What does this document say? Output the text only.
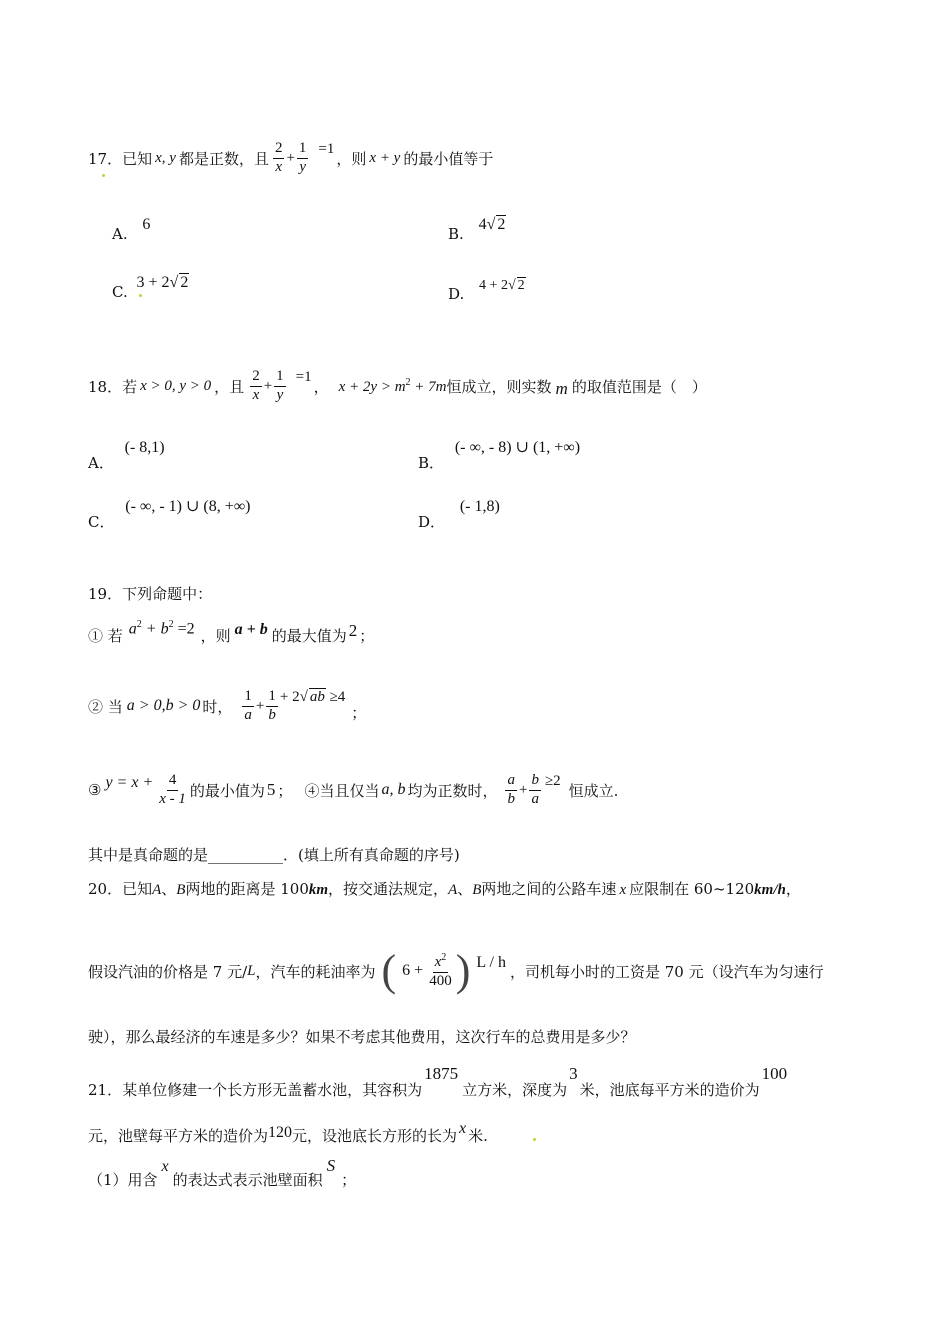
17． 已知 x, y 都是正数，且 $\frac{2}{x} + \frac{1}{y} =1$
，则 x + y 的最小值等于
A. 6
B. 4√ 2
C. 3 + 2√ 2
D. 4 + 2√ 2
18． 若 x > 0, y > 0 ，且 $\frac{2}{x} + \frac{1}{y} =1$
， $x + 2y > m^2 + 7m$ 恒成立，则实数 m 的取值范围是（　）
A． (- 8,1)
B． (- ∞, - 8) ∪ (1, +∞)
C． (- ∞, - 1) ∪ (8, +∞)
D． (- 1,8)
19．下列命题中：
① 若 $a^2 + b^2 =2$ ，则 a + b 的最大值为 2 ；
② 当 a > 0,b > 0 时， $\frac{1}{a} + \frac{1}{b} + 2√$ ab ≥4
；
③ $y = x + \frac{4}{x - 1}$ 的最小值为 5 ； ④当且仅当 a, b 均为正数时， $\frac{a}{b} + \frac{b}{a} \ge 2$
恒成立.
其中是真命题的是__________．(填上所有真命题的序号)
20．已知A、B两地的距离是 100km，按交通法规定，A、B两地之间的公路车速 x 应限制在 60~120km/h，
假设汽油的价格是 7 元/ L ，汽车的耗油率为 ( $6 + \frac{x^2}{400}$ ) L / h ，司机每小时的工资是 70 元（设汽车为匀速行
驶），那么最经济的车速是多少？如果不考虑其他费用，这次行车的总费用是多少？
21． 某单位修建一个长方形无盖蓄水池，其容积为
1875
立方米，深度为
3
米，池底每平方米的造价为
100
元，池壁每平方米的造价为 120 元，设池底长方形的长为 x 米.
（1）用含
x
的表达式表示池壁面积
S
；
